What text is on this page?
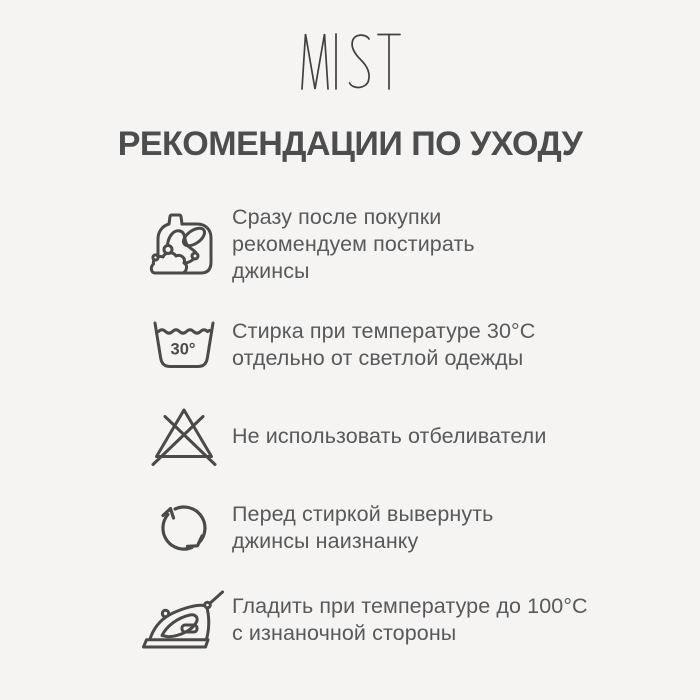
РЕКОМЕНДАЦИИ ПО УХОДУ
Сразу после покупки
рекомендуем постирать
джинсы
30°
Стирка при температуре 30°C
отдельно от светлой одежды
Не использовать отбеливатели
Перед стиркой вывернуть
джинсы наизнанку
Гладить при температуре до 100°C
с изнаночной стороны
